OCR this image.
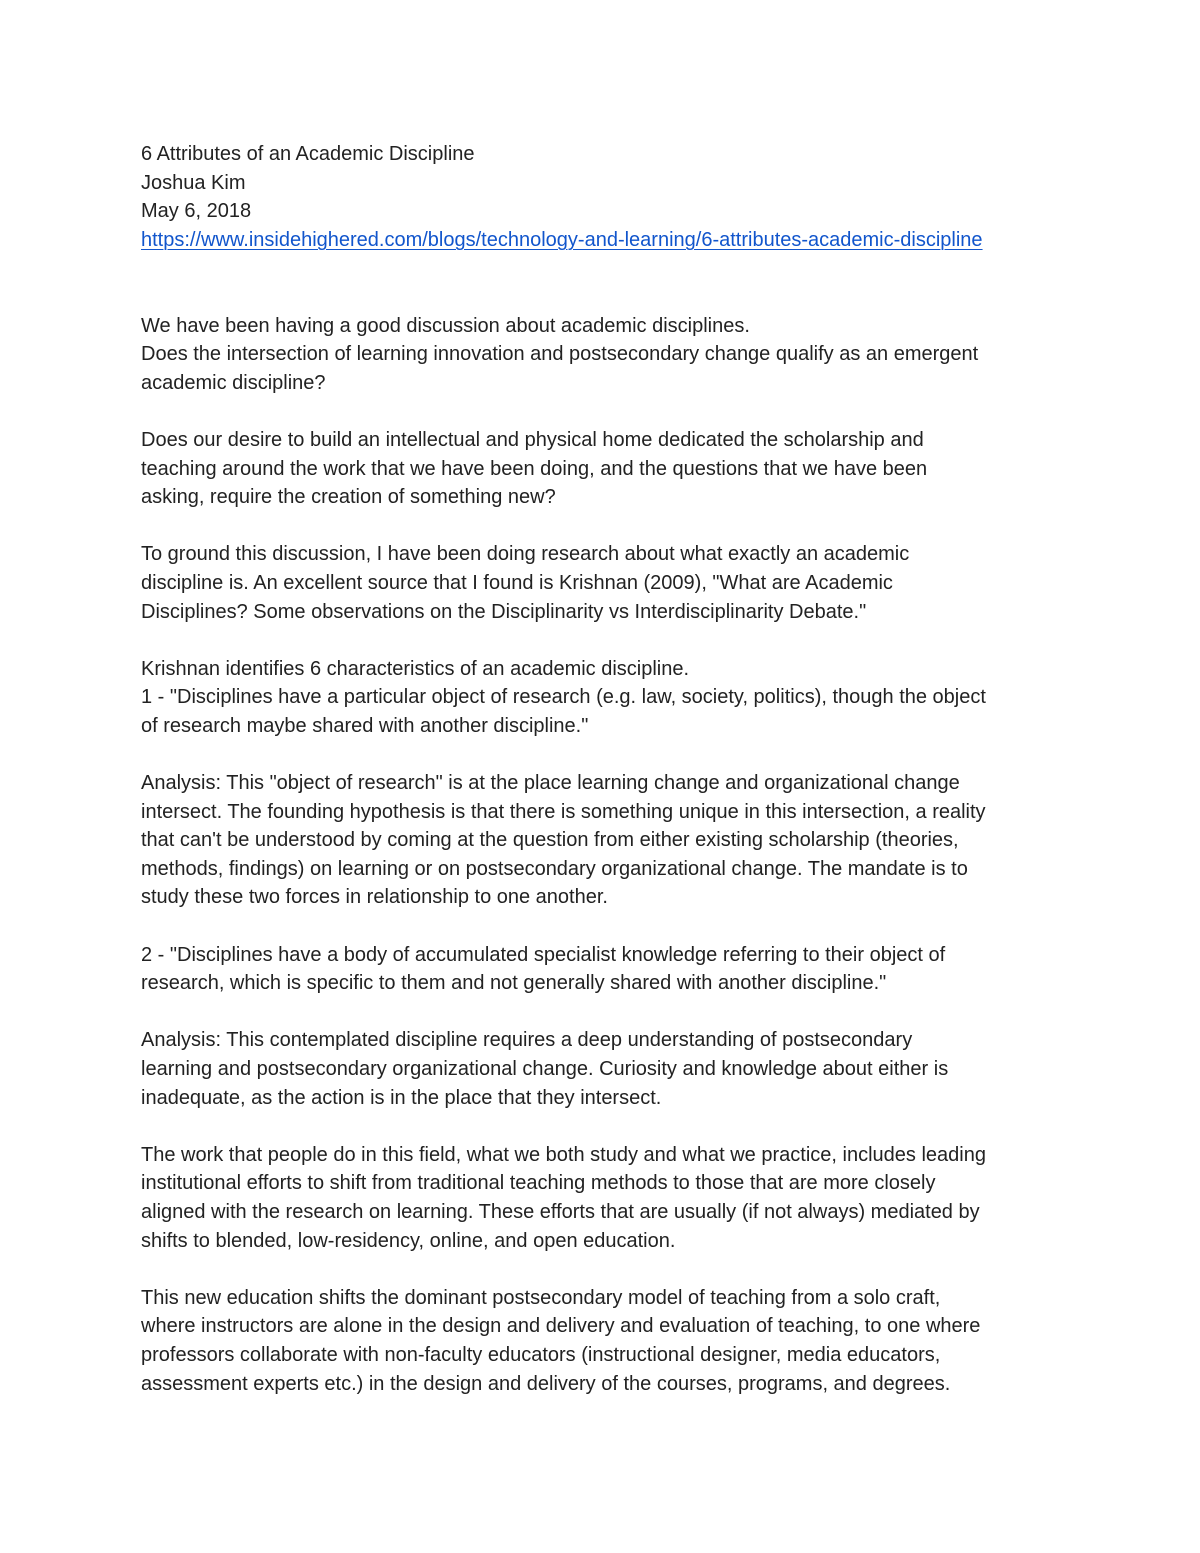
6 Attributes of an Academic Discipline
Joshua Kim
May 6, 2018
https://www.insidehighered.com/blogs/technology-and-learning/6-attributes-academic-discipline
We have been having a good discussion about academic disciplines.
Does the intersection of learning innovation and postsecondary change qualify as an emergent
academic discipline?
Does our desire to build an intellectual and physical home dedicated the scholarship and
teaching around the work that we have been doing, and the questions that we have been
asking, require the creation of something new?
To ground this discussion, I have been doing research about what exactly an academic
discipline is. An excellent source that I found is Krishnan (2009), "What are Academic
Disciplines? Some observations on the Disciplinarity vs Interdisciplinarity Debate."
Krishnan identifies 6 characteristics of an academic discipline.
1 - "Disciplines have a particular object of research (e.g. law, society, politics), though the object
of research maybe shared with another discipline."
Analysis: This "object of research" is at the place learning change and organizational change
intersect. The founding hypothesis is that there is something unique in this intersection, a reality
that can't be understood by coming at the question from either existing scholarship (theories,
methods, findings) on learning or on postsecondary organizational change. The mandate is to
study these two forces in relationship to one another.
2 - "Disciplines have a body of accumulated specialist knowledge referring to their object of
research, which is specific to them and not generally shared with another discipline."
Analysis: This contemplated discipline requires a deep understanding of postsecondary
learning and postsecondary organizational change. Curiosity and knowledge about either is
inadequate, as the action is in the place that they intersect.
The work that people do in this field, what we both study and what we practice, includes leading
institutional efforts to shift from traditional teaching methods to those that are more closely
aligned with the research on learning. These efforts that are usually (if not always) mediated by
shifts to blended, low-residency, online, and open education.
This new education shifts the dominant postsecondary model of teaching from a solo craft,
where instructors are alone in the design and delivery and evaluation of teaching, to one where
professors collaborate with non-faculty educators (instructional designer, media educators,
assessment experts etc.) in the design and delivery of the courses, programs, and degrees.
